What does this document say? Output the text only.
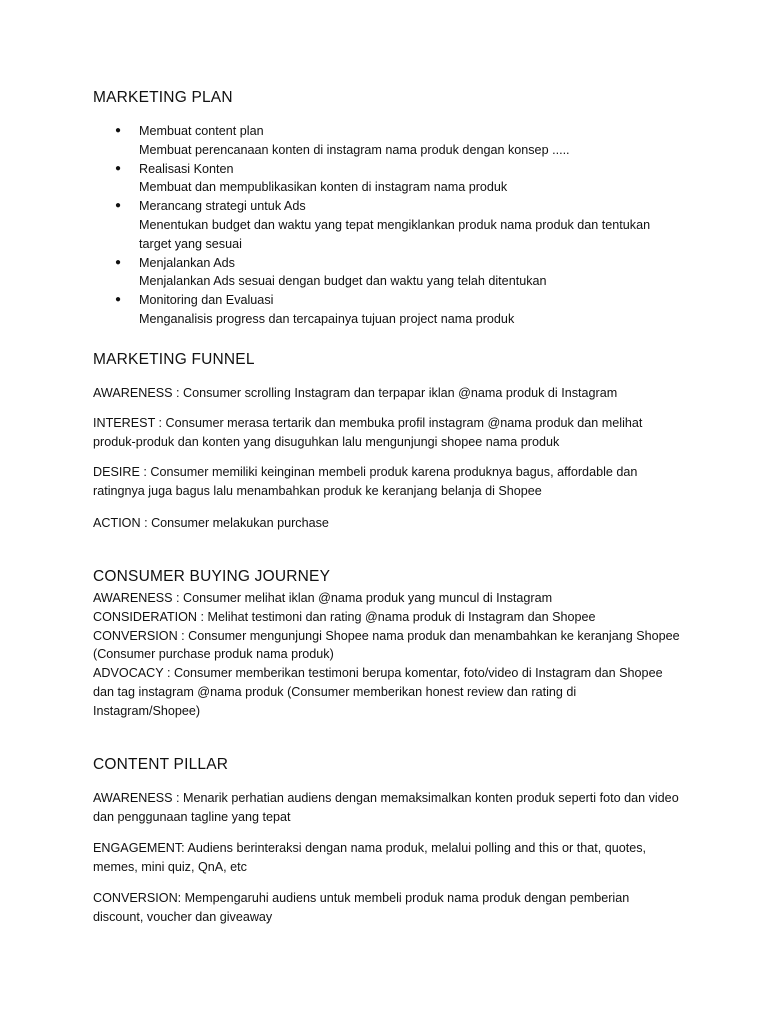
MARKETING PLAN
● Membuat content plan
Membuat perencanaan konten di instagram nama produk dengan konsep .....
● Realisasi Konten
Membuat dan mempublikasikan konten di instagram nama produk
● Merancang strategi untuk Ads
Menentukan budget dan waktu yang tepat mengiklankan produk nama produk dan tentukan target yang sesuai
● Menjalankan Ads
Menjalankan Ads sesuai dengan budget dan waktu yang telah ditentukan
● Monitoring dan Evaluasi
Menganalisis progress dan tercapainya tujuan project nama produk
MARKETING FUNNEL
AWARENESS : Consumer scrolling Instagram dan terpapar iklan @nama produk di Instagram
INTEREST : Consumer merasa tertarik dan membuka profil instagram @nama produk dan melihat produk-produk dan konten yang disuguhkan lalu mengunjungi shopee nama produk
DESIRE : Consumer memiliki keinginan membeli produk karena produknya bagus, affordable dan ratingnya juga bagus lalu menambahkan produk ke keranjang belanja di Shopee
ACTION : Consumer melakukan purchase
CONSUMER BUYING JOURNEY
AWARENESS : Consumer melihat iklan @nama produk yang muncul di Instagram
CONSIDERATION : Melihat testimoni dan rating @nama produk di Instagram dan Shopee
CONVERSION : Consumer mengunjungi Shopee nama produk dan menambahkan ke keranjang Shopee (Consumer purchase produk nama produk)
ADVOCACY : Consumer memberikan testimoni berupa komentar, foto/video di Instagram dan Shopee dan tag instagram @nama produk (Consumer memberikan honest review dan rating di Instagram/Shopee)
CONTENT PILLAR
AWARENESS : Menarik perhatian audiens dengan memaksimalkan konten produk seperti foto dan video dan penggunaan tagline yang tepat
ENGAGEMENT: Audiens berinteraksi dengan nama produk, melalui polling and this or that, quotes, memes, mini quiz, QnA, etc
CONVERSION: Mempengaruhi audiens untuk membeli produk nama produk dengan pemberian discount, voucher dan giveaway
